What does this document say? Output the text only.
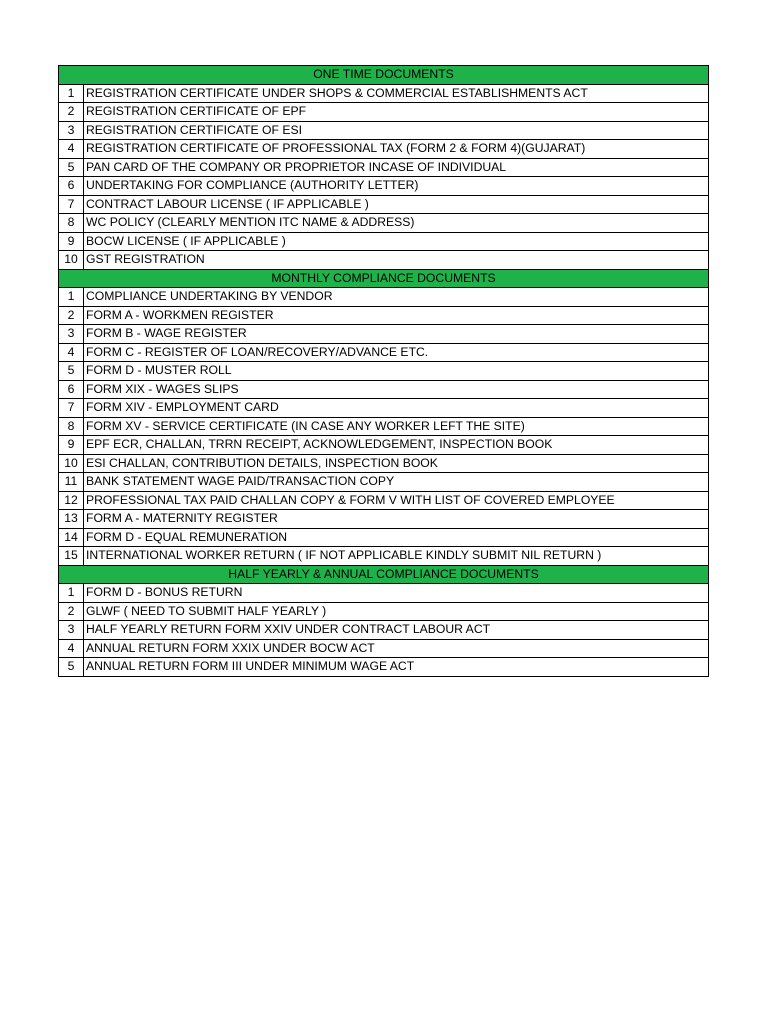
ONE TIME DOCUMENTS	
1	REGISTRATION CERTIFICATE UNDER SHOPS & COMMERCIAL ESTABLISHMENTS ACT
2	REGISTRATION CERTIFICATE OF EPF
3	REGISTRATION CERTIFICATE OF ESI
4	REGISTRATION CERTIFICATE OF PROFESSIONAL TAX (FORM 2 & FORM 4)(GUJARAT)
5	PAN CARD OF THE COMPANY OR PROPRIETOR INCASE OF INDIVIDUAL
6	UNDERTAKING FOR COMPLIANCE (AUTHORITY LETTER)
7	CONTRACT LABOUR LICENSE ( IF APPLICABLE )
8	WC POLICY (CLEARLY MENTION ITC NAME & ADDRESS)
9	BOCW LICENSE ( IF APPLICABLE )
10	GST REGISTRATION
MONTHLY COMPLIANCE DOCUMENTS	
1	COMPLIANCE UNDERTAKING BY VENDOR
2	FORM A - WORKMEN REGISTER
3	FORM B - WAGE REGISTER
4	FORM C - REGISTER OF LOAN/RECOVERY/ADVANCE ETC.
5	FORM D - MUSTER ROLL
6	FORM XIX - WAGES SLIPS
7	FORM XIV - EMPLOYMENT CARD
8	FORM XV - SERVICE CERTIFICATE (IN CASE ANY WORKER LEFT THE SITE)
9	EPF ECR, CHALLAN, TRRN RECEIPT, ACKNOWLEDGEMENT, INSPECTION BOOK
10	ESI CHALLAN, CONTRIBUTION DETAILS, INSPECTION BOOK
11	BANK STATEMENT WAGE PAID/TRANSACTION COPY
12	PROFESSIONAL TAX PAID CHALLAN COPY & FORM V WITH LIST OF COVERED EMPLOYEE
13	FORM A - MATERNITY REGISTER
14	FORM D - EQUAL REMUNERATION
15	INTERNATIONAL WORKER RETURN ( IF NOT APPLICABLE KINDLY SUBMIT NIL RETURN )
HALF YEARLY & ANNUAL COMPLIANCE DOCUMENTS	
1	FORM D - BONUS RETURN
2	GLWF ( NEED TO SUBMIT HALF YEARLY )
3	HALF YEARLY RETURN FORM XXIV UNDER CONTRACT LABOUR ACT
4	ANNUAL RETURN FORM XXIX UNDER BOCW ACT
5	ANNUAL RETURN FORM III UNDER MINIMUM WAGE ACT
